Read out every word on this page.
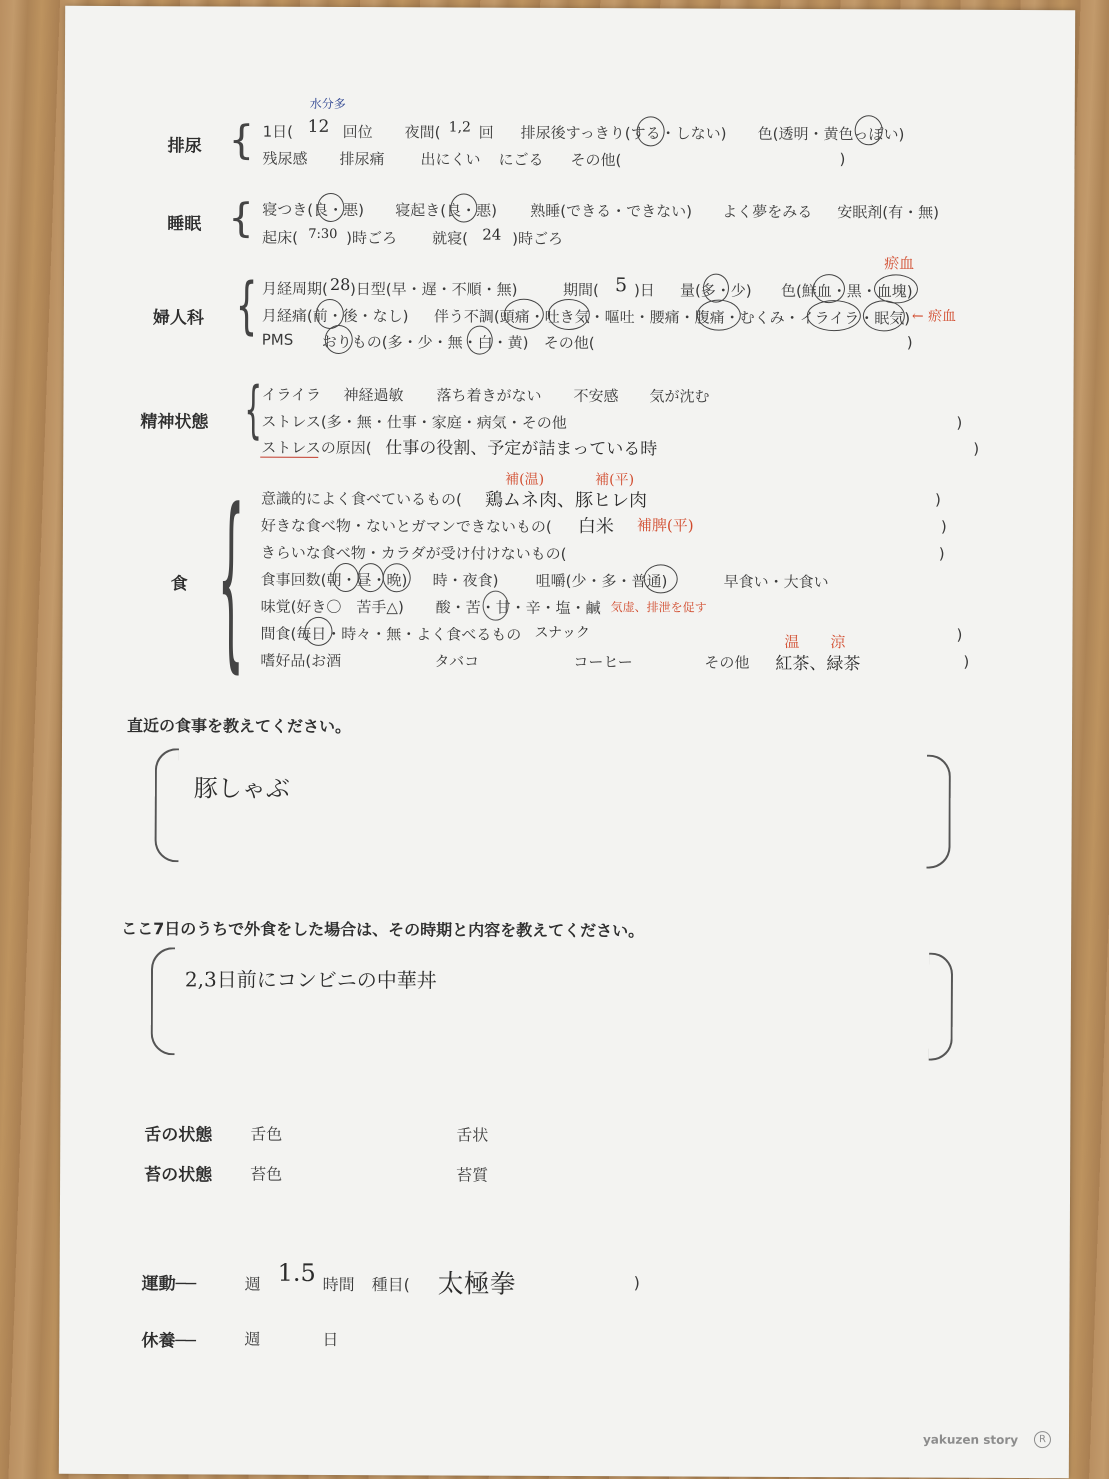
排尿 {
水分多
1日( 12 回位 夜間( 1,2 回 排尿後すっきり(する・しない) 色(透明・黄色っぽい)
残尿感 排尿痛 出にくい にごる その他(	)
睡眠 { 寝つき(良・悪) 寝起き(良・悪) 熟睡(できる・できない) よく夢をみる 安眠剤(有・無)
起床( 7:30 )時ごろ 就寝( 24 )時ごろ
婦人科 {
瘀血
月経周期( 28 )日型(早・遅・不順・無)	期間( 5 )日 量(多・少) 色(鮮血・黒・血塊)
月経痛(前・後・なし) 伴う不調(頭痛・吐き気・嘔吐・腰痛・腹痛・むくみ・イライラ・眠気) ← 瘀血
PMS おりもの(多・少・無・白・黄) その他(	)
精神状態 { イライラ 神経過敏 落ち着きがない 不安感 気が沈む
ストレス(多・無・仕事・家庭・病気・その他	)
ストレスの原因( 仕事の役割、予定が詰まっている時	)
食 {	補(温)	補(平)
意識的によく食べているもの( 鶏ムネ肉、豚ヒレ肉	)
好きな食べ物・ないとガマンできないもの( 白米 補脾(平)	)
きらいな食べ物・カラダが受け付けないもの(	)
食事回数(朝・昼・晩) 時・夜食) 咀嚼(少・多・普通)	早食い・大食い
味覚(好き〇　苦手△) 酸・苦・甘・辛・塩・鹹 気虚、排泄を促す
間食(毎日・時々・無・よく食べるもの スナック	)
温　涼
嗜好品(お酒	タバコ	コーヒー	その他 紅茶、緑茶	)
直近の食事を教えてください。
豚しゃぶ
ここ7日のうちで外食をした場合は、その時期と内容を教えてください。
2,3日前にコンビニの中華丼
舌の状態 舌色	舌状
苔の状態 苔色	苔質
運動──	週 1.5 時間 種目( 太極拳	)
休養──	週	日
yakuzen story	R
